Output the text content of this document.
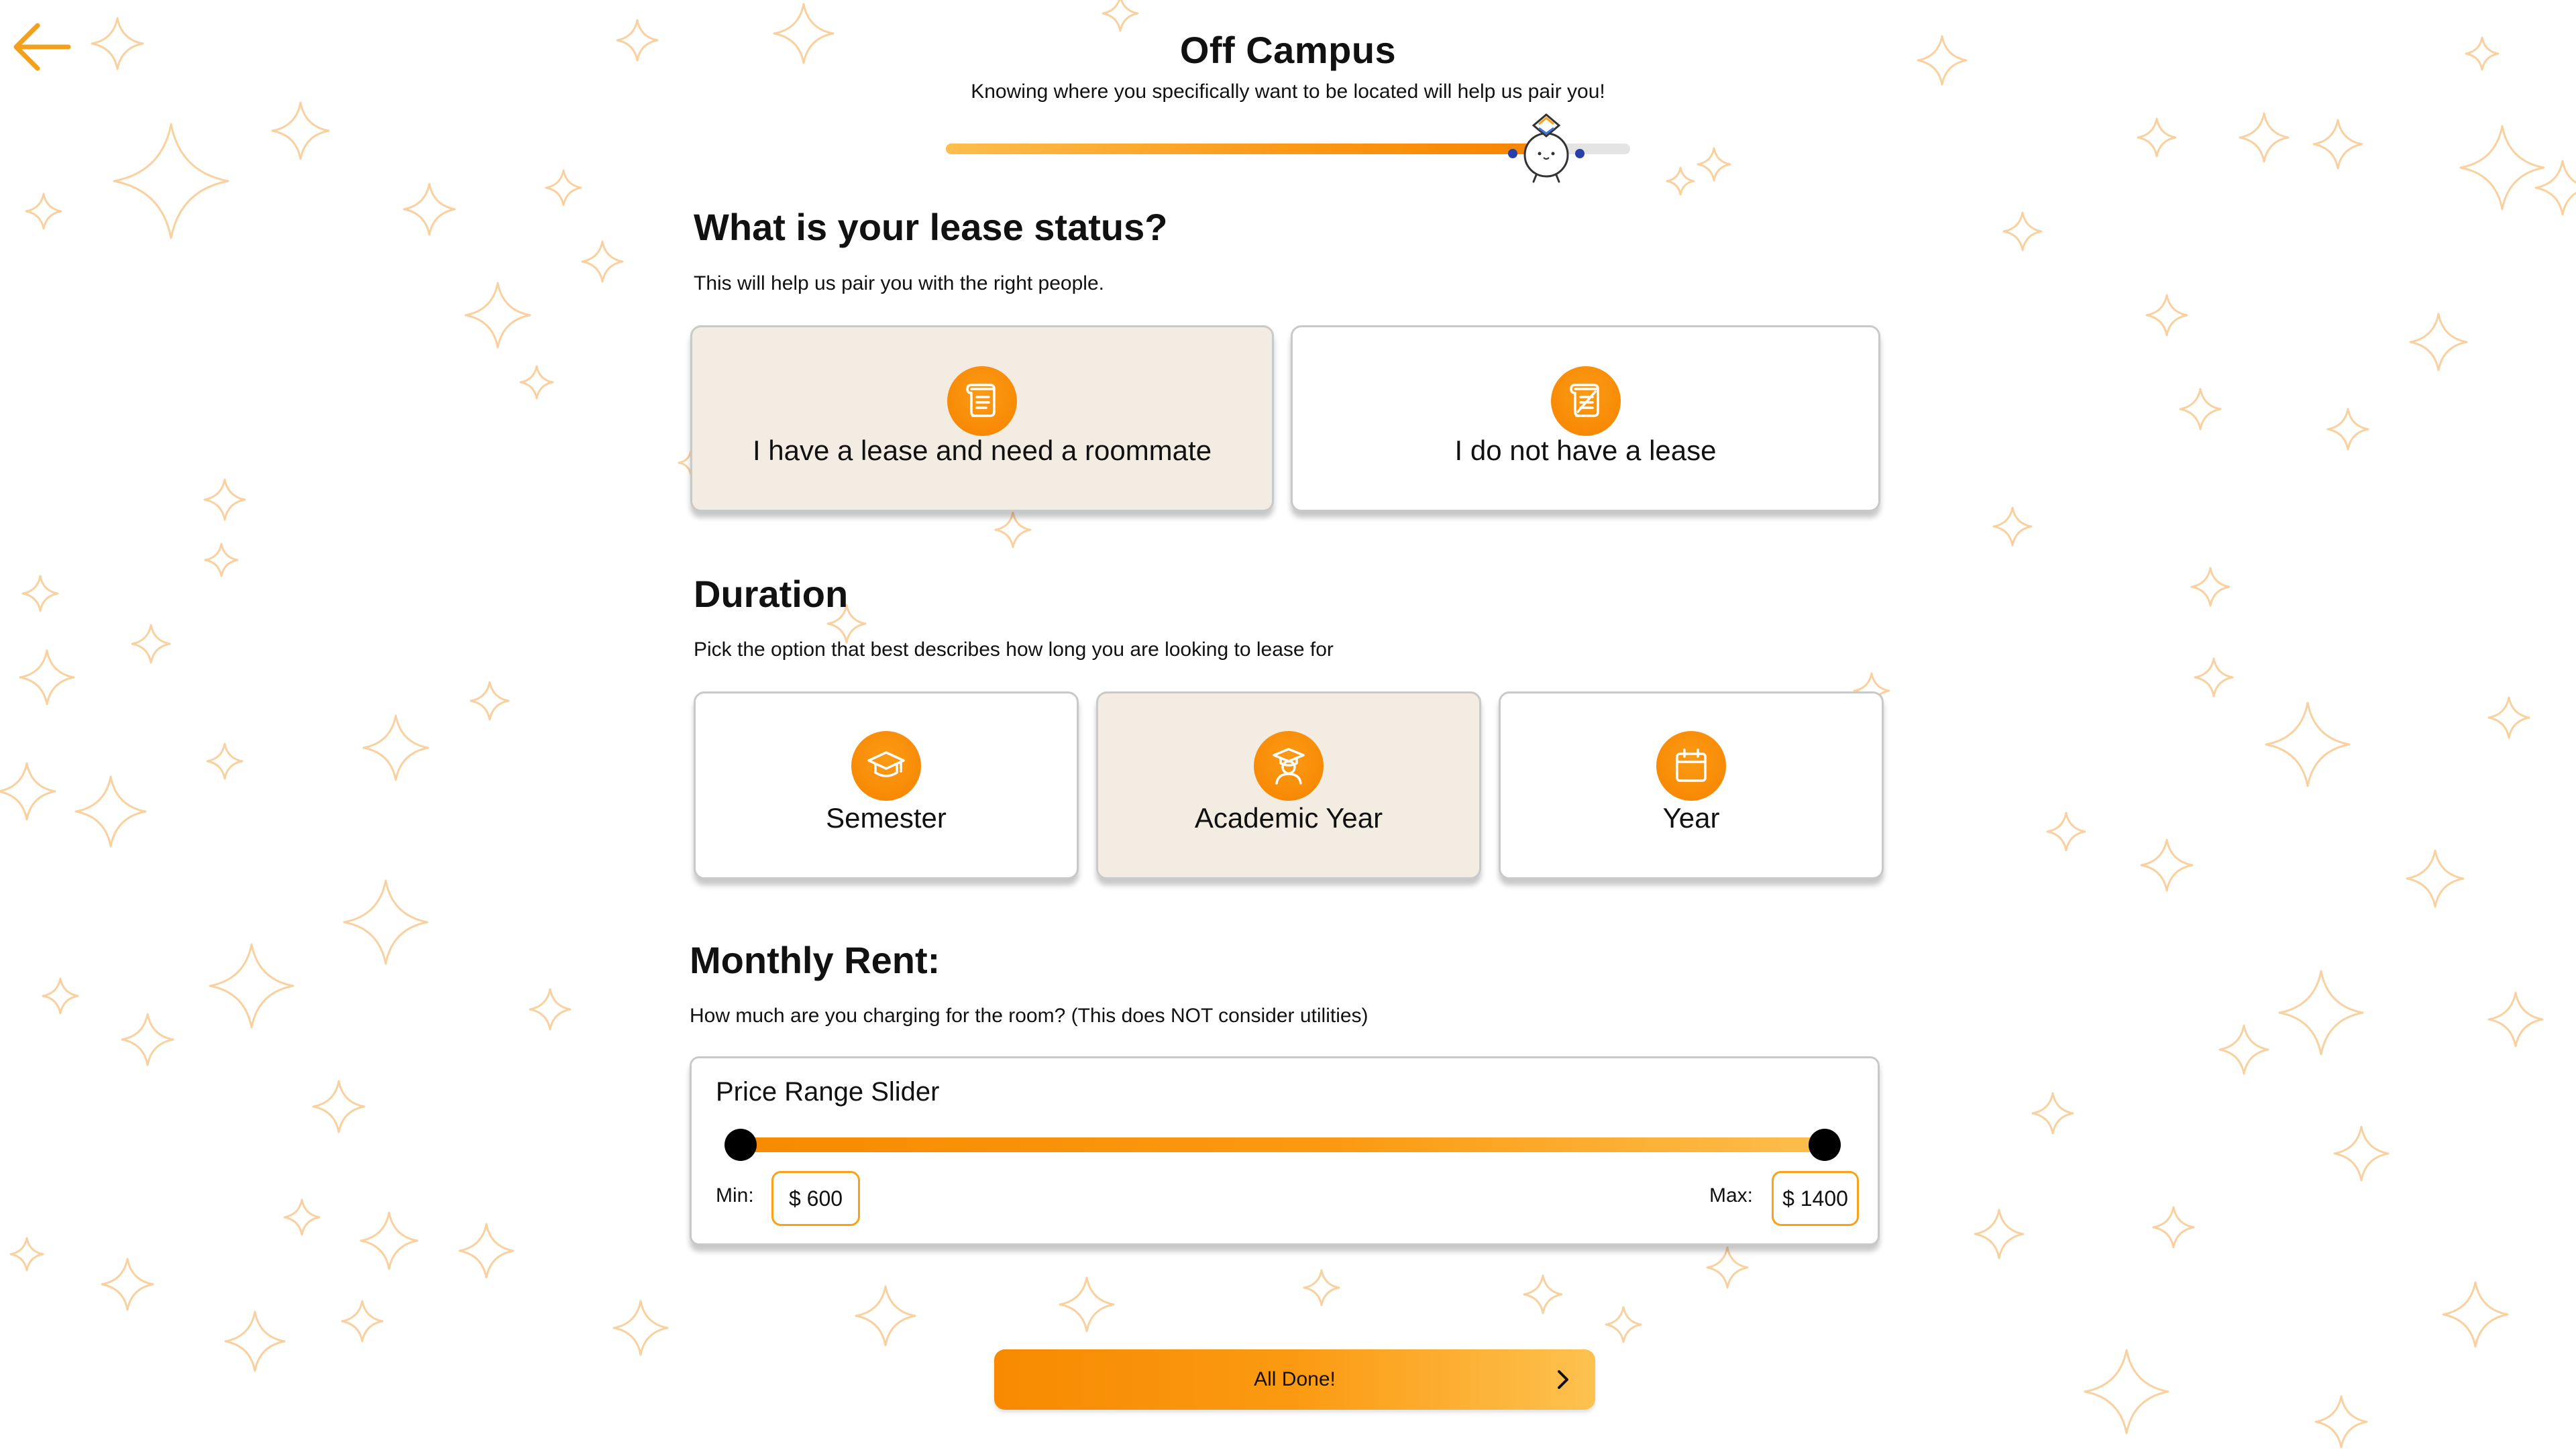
Off Campus
Knowing where you specifically want to be located will help us pair you!
What is your lease status?
This will help us pair you with the right people.
I have a lease and need a roommate	I do not have a lease
Duration
Pick the option that best describes how long you are looking to lease for
Semester	Academic Year	Year
Monthly Rent:
How much are you charging for the room? (This does NOT consider utilities)
Price Range Slider
Min:	$ 600	Max:	$ 1400
All Done!
